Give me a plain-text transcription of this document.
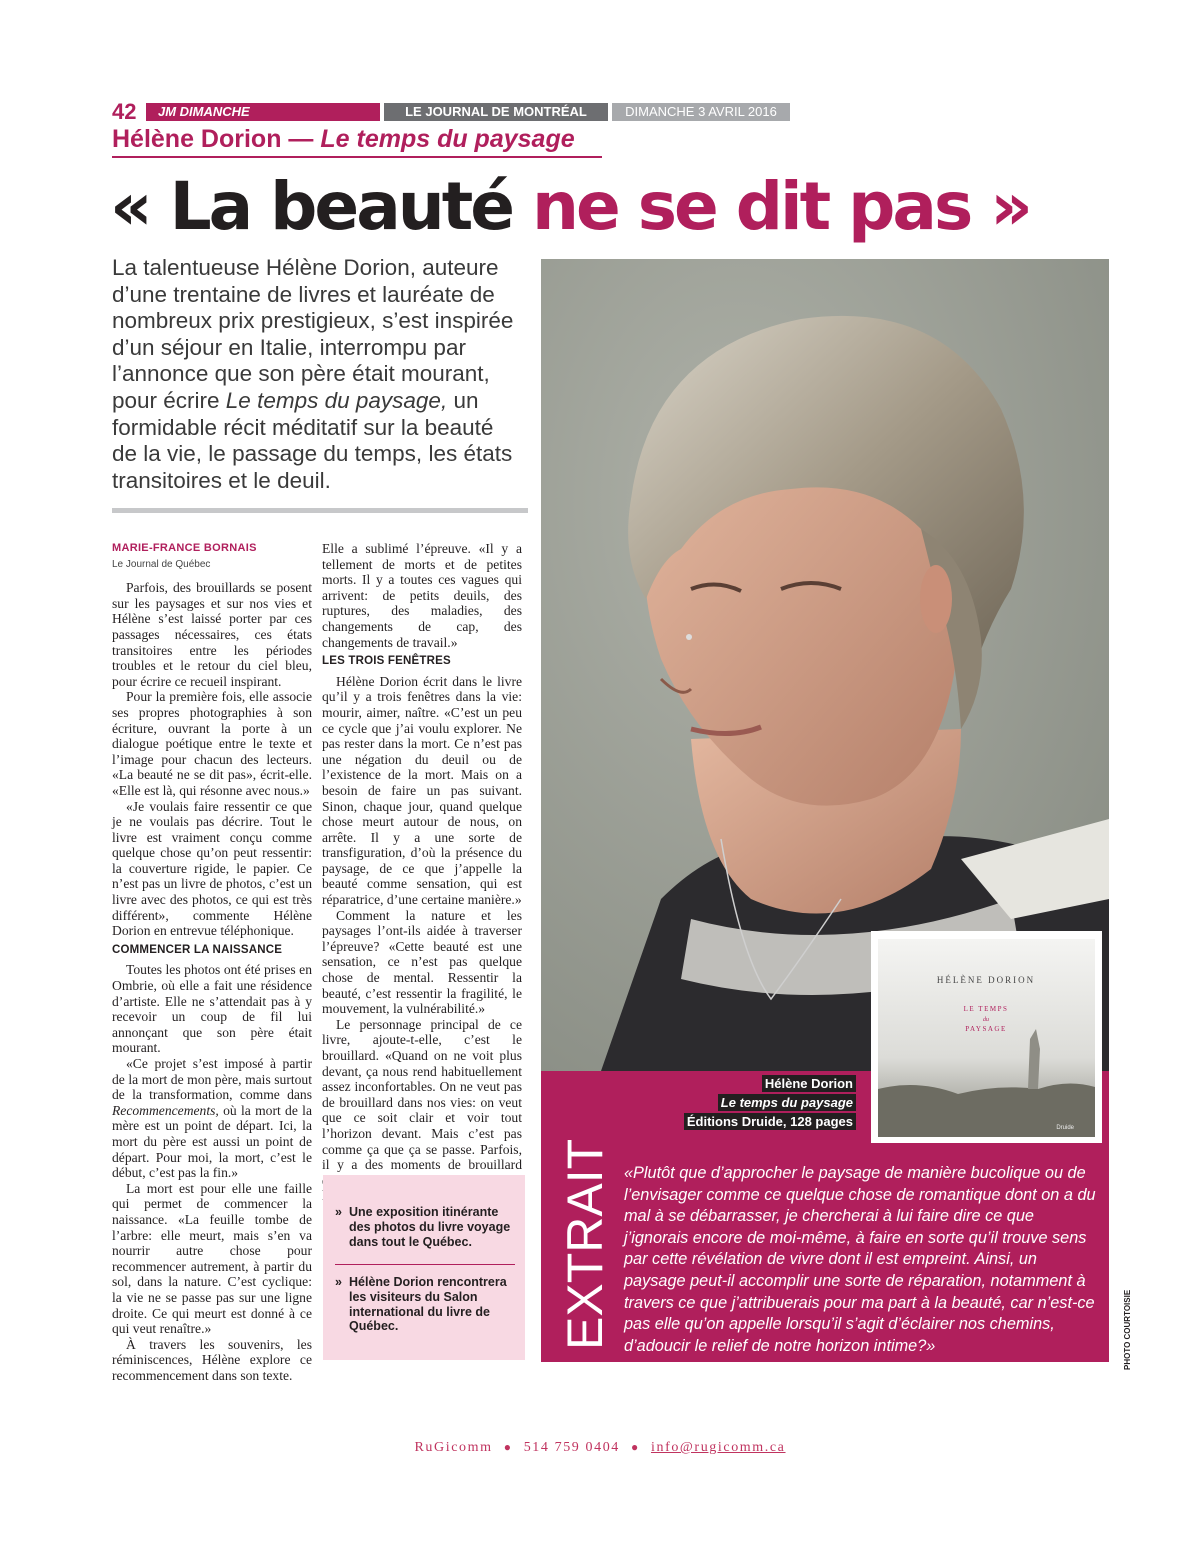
42	JM DIMANCHE	LE JOURNAL DE MONTRÉAL	DIMANCHE 3 AVRIL 2016
Hélène Dorion — Le temps du paysage
« La beauté ne se dit pas »
La talentueuse Hélène Dorion, auteure d’une trentaine de livres et lauréate de nombreux prix prestigieux, s’est inspirée d’un séjour en Italie, interrompu par l’annonce que son père était mourant, pour écrire Le temps du paysage, un formidable récit méditatif sur la beauté de la vie, le passage du temps, les états transitoires et le deuil.
MARIE-FRANCE BORNAIS
Le Journal de Québec

Parfois, des brouillards se posent sur les paysages et sur nos vies et Hélène s’est laissé porter par ces passages nécessaires, ces états transitoires entre les périodes troubles et le retour du ciel bleu, pour écrire ce recueil inspirant.

Pour la première fois, elle associe ses propres photographies à son écriture, ouvrant la porte à un dialogue poétique entre le texte et l’image pour chacun des lecteurs. «La beauté ne se dit pas», écrit-elle. «Elle est là, qui résonne avec nous.»

«Je voulais faire ressentir ce que je ne voulais pas décrire. Tout le livre est vraiment conçu comme quelque chose qu’on peut ressentir: la couverture rigide, le papier. Ce n’est pas un livre de photos, c’est un livre avec des photos, ce qui est très différent», commente Hélène Dorion en entrevue téléphonique.

COMMENCER LA NAISSANCE

Toutes les photos ont été prises en Ombrie, où elle a fait une résidence d’artiste. Elle ne s’attendait pas à y recevoir un coup de fil lui annonçant que son père était mourant.

«Ce projet s’est imposé à partir de la mort de mon père, mais surtout de la transformation, comme dans Recommencements, où la mort de la mère est un point de départ. Ici, la mort du père est aussi un point de départ. Pour moi, la mort, c’est le début, c’est pas la fin.»

La mort est pour elle une faille qui permet de commencer la naissance. «La feuille tombe de l’arbre: elle meurt, mais s’en va nourrir autre chose pour recommencer autrement, à partir du sol, dans la nature. C’est cyclique: la vie ne se passe pas sur une ligne droite. Ce qui meurt est donné à ce qui veut renaître.»

À travers les souvenirs, les réminiscences, Hélène explore ce recommencement dans son texte.

Elle a sublimé l’épreuve. «Il y a tellement de morts et de petites morts. Il y a toutes ces vagues qui arrivent: de petits deuils, des ruptures, des maladies, des changements de cap, des changements de travail.»

LES TROIS FENÊTRES

Hélène Dorion écrit dans le livre qu’il y a trois fenêtres dans la vie: mourir, aimer, naître. «C’est un peu ce cycle que j’ai voulu explorer. Ne pas rester dans la mort. Ce n’est pas une négation du deuil ou de l’existence de la mort. Mais on a besoin de faire un pas suivant. Sinon, chaque jour, quand quelque chose meurt autour de nous, on arrête. Il y a une sorte de transfiguration, d’où la présence du paysage, de ce que j’appelle la beauté comme sensation, qui est réparatrice, d’une certaine manière.»

Comment la nature et les paysages l’ont-ils aidée à traverser l’épreuve? «Cette beauté est une sensation, ce n’est pas quelque chose de mental. Ressentir la beauté, c’est ressentir la fragilité, le mouvement, la vulnérabilité.»

Le personnage principal de ce livre, ajoute-t-elle, c’est le brouillard. «Quand on ne voit plus devant, ça nous rend habituellement assez inconfortables. On ne veut pas de brouillard dans nos vies: on veut que ce soit clair et voir tout l’horizon devant. Mais c’est pas comme ça que ça se passe. Parfois, il y a des moments de brouillard

» Une exposition itinérante des photos du livre voyage dans tout le Québec.
» Hélène Dorion rencontrera les visiteurs du Salon international du livre de Québec.	EXTRAIT «Plutôt que d’approcher le paysage de manière bucolique ou de l’envisager comme ce quelque chose de romantique dont on a du mal à se débarrasser, je chercherai à lui faire dire ce que j’ignorais encore de moi-même, à faire en sorte qu’il trouve sens par cette révélation de vivre dont il est empreint. Ainsi, un paysage peut-il accomplir une sorte de réparation, notamment à travers ce que j’attribuerais pour ma part à la beauté, car n’est-ce pas elle qu’on appelle lorsqu’il s’agit d’éclairer nos chemins, d’adoucir le relief de notre horizon intime?»
HÉLÈNE DORION
LE TEMPS
du
PAYSAGE
Druide
Hélène Dorion
Le temps du paysage
Éditions Druide, 128 pages
PHOTO COURTOISIE
RuGicomm ● 514 759 0404 ● info@rugicomm.ca
